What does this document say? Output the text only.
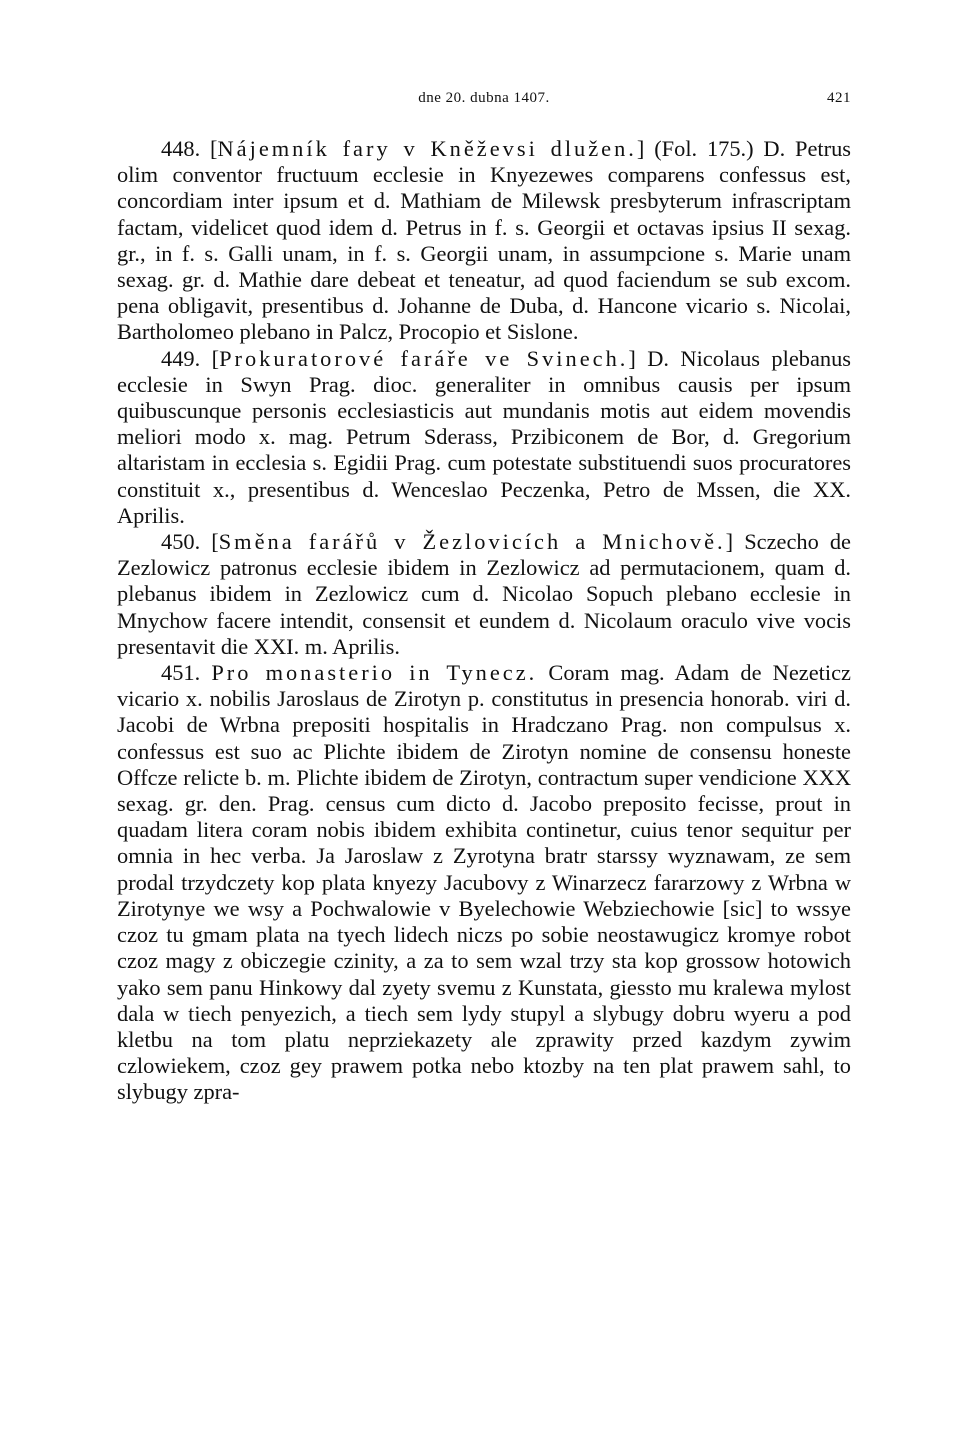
dne 20. dubna 1407.	421

448. [Nájemník fary v Kněževsi dlužen.] (Fol. 175.) D. Petrus olim conventor fructuum ecclesie in Knyezewes comparens confessus est, concordiam inter ipsum et d. Mathiam de Milewsk presbyterum infrascriptam factam, videlicet quod idem d. Petrus in f. s. Georgii et octavas ipsius II sexag. gr., in f. s. Galli unam, in f. s. Georgii unam, in assumpcione s. Marie unam sexag. gr. d. Mathie dare debeat et teneatur, ad quod faciendum se sub excom. pena obligavit, presentibus d. Johanne de Duba, d. Hancone vicario s. Nicolai, Bartholomeo plebano in Palcz, Procopio et Sislone.

449. [Prokuratorové faráře ve Svinech.] D. Nicolaus plebanus ecclesie in Swyn Prag. dioc. generaliter in omnibus causis per ipsum quibuscunque personis ecclesiasticis aut mundanis motis aut eidem movendis meliori modo x. mag. Petrum Sderass, Przibiconem de Bor, d. Gregorium altaristam in ecclesia s. Egidii Prag. cum potestate substituendi suos procuratores constituit x., presentibus d. Wenceslao Peczenka, Petro de Mssen, die XX. Aprilis.

450. [Směna farářů v Žezlovicích a Mnichově.] Sczecho de Zezlowicz patronus ecclesie ibidem in Zezlowicz ad permutacionem, quam d. plebanus ibidem in Zezlowicz cum d. Nicolao Sopuch plebano ecclesie in Mnychow facere intendit, consensit et eundem d. Nicolaum oraculo vive vocis presentavit die XXI. m. Aprilis.

451. Pro monasterio in Tynecz. Coram mag. Adam de Nezeticz vicario x. nobilis Jaroslaus de Zirotyn p. constitutus in presencia honorab. viri d. Jacobi de Wrbna prepositi hospitalis in Hradczano Prag. non compulsus x. confessus est suo ac Plichte ibidem de Zirotyn nomine de consensu honeste Offcze relicte b. m. Plichte ibidem de Zirotyn, contractum super vendicione XXX sexag. gr. den. Prag. census cum dicto d. Jacobo preposito fecisse, prout in quadam litera coram nobis ibidem exhibita continetur, cuius tenor sequitur per omnia in hec verba. Ja Jaroslaw z Zyrotyna bratr starssy wyznawam, ze sem prodal trzydczety kop plata knyezy Jacubovy z Winarzecz fararzowy z Wrbna w Zirotynye we wsy a Pochwalowie v Byelechowie Webziechowie [sic] to wssye czoz tu gmam plata na tyech lidech niczs po sobie neostawugicz kromye robot czoz magy z obiczegie czinity, a za to sem wzal trzy sta kop grossow hotowich yako sem panu Hinkowy dal zyety svemu z Kunstata, giessto mu kralewa mylost dala w tiech penyezich, a tiech sem lydy stupyl a slybugy dobru wyeru a pod kletbu na tom platu neprziekazety ale zprawity przed kazdym zywim czlowiekem, czoz gey prawem potka nebo ktozby na ten plat prawem sahl, to slybugy zpra-
